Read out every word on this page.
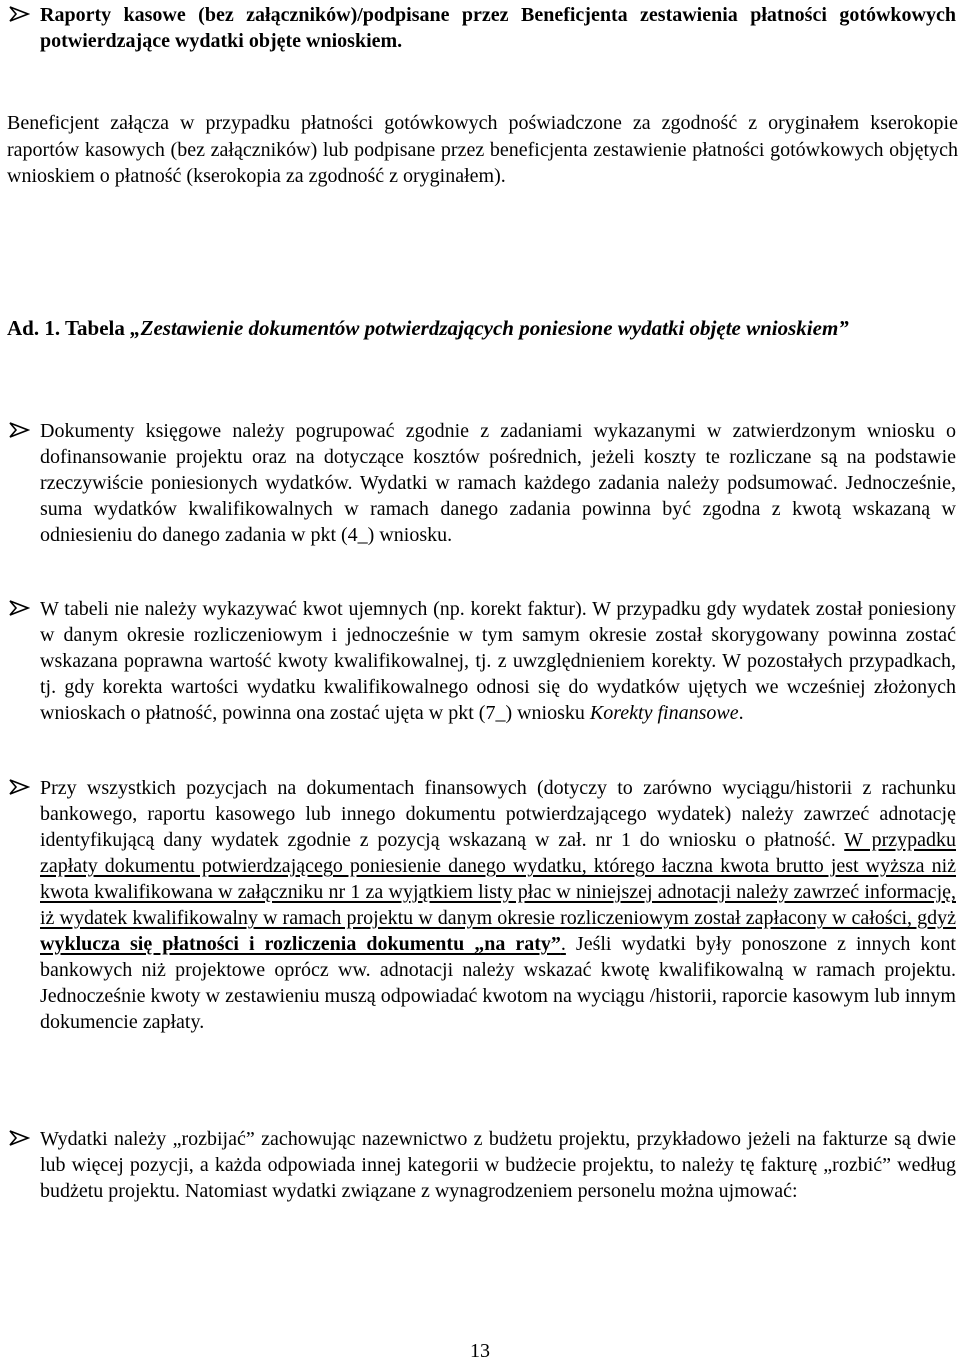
Raporty kasowe (bez załączników)/podpisane przez Beneficjenta zestawienia płatności gotówkowych potwierdzające wydatki objęte wnioskiem.
Beneficjent załącza w przypadku płatności gotówkowych poświadczone za zgodność z oryginałem kserokopie raportów kasowych (bez załączników) lub podpisane przez beneficjenta zestawienie płatności gotówkowych objętych wnioskiem o płatność (kserokopia za zgodność z oryginałem).
Ad. 1. Tabela „Zestawienie dokumentów potwierdzających poniesione wydatki objęte wnioskiem”
Dokumenty księgowe należy pogrupować zgodnie z zadaniami wykazanymi w zatwierdzonym wniosku o dofinansowanie projektu oraz na dotyczące kosztów pośrednich, jeżeli koszty te rozliczane są na podstawie rzeczywiście poniesionych wydatków. Wydatki w ramach każdego zadania należy podsumować. Jednocześnie, suma wydatków kwalifikowalnych w ramach danego zadania powinna być zgodna z kwotą wskazaną w odniesieniu do danego zadania w pkt (4_) wniosku.
W tabeli nie należy wykazywać kwot ujemnych (np. korekt faktur). W przypadku gdy wydatek został poniesiony w danym okresie rozliczeniowym i jednocześnie w tym samym okresie został skorygowany powinna zostać wskazana poprawna wartość kwoty kwalifikowalnej, tj. z uwzględnieniem korekty. W pozostałych przypadkach, tj. gdy korekta wartości wydatku kwalifikowalnego odnosi się do wydatków ujętych we wcześniej złożonych wnioskach o płatność, powinna ona zostać ujęta w pkt (7_) wniosku Korekty finansowe.
Przy wszystkich pozycjach na dokumentach finansowych (dotyczy to zarówno wyciągu/historii z rachunku bankowego, raportu kasowego lub innego dokumentu potwierdzającego wydatek) należy zawrzeć adnotację identyfikującą dany wydatek zgodnie z pozycją wskazaną w zał. nr 1 do wniosku o płatność. W przypadku zapłaty dokumentu potwierdzającego poniesienie danego wydatku, którego łaczna kwota brutto jest wyższa niż kwota kwalifikowana w załączniku nr 1 za wyjątkiem listy płac w niniejszej adnotacji należy zawrzeć informację, iż wydatek kwalifikowalny w ramach projektu w danym okresie rozliczeniowym został zapłacony w całości, gdyż wyklucza się płatności i rozliczenia dokumentu „na raty”. Jeśli wydatki były ponoszone z innych kont bankowych niż projektowe oprócz ww. adnotacji należy wskazać kwotę kwalifikowalną w ramach projektu. Jednocześnie kwoty w zestawieniu muszą odpowiadać kwotom na wyciągu /historii, raporcie kasowym lub innym dokumencie zapłaty.
Wydatki należy „rozbijać” zachowując nazewnictwo z budżetu projektu, przykładowo jeżeli na fakturze są dwie lub więcej pozycji, a każda odpowiada innej kategorii w budżecie projektu, to należy tę fakturę „rozbić” według budżetu projektu. Natomiast wydatki związane z wynagrodzeniem personelu można ujmować:
13
